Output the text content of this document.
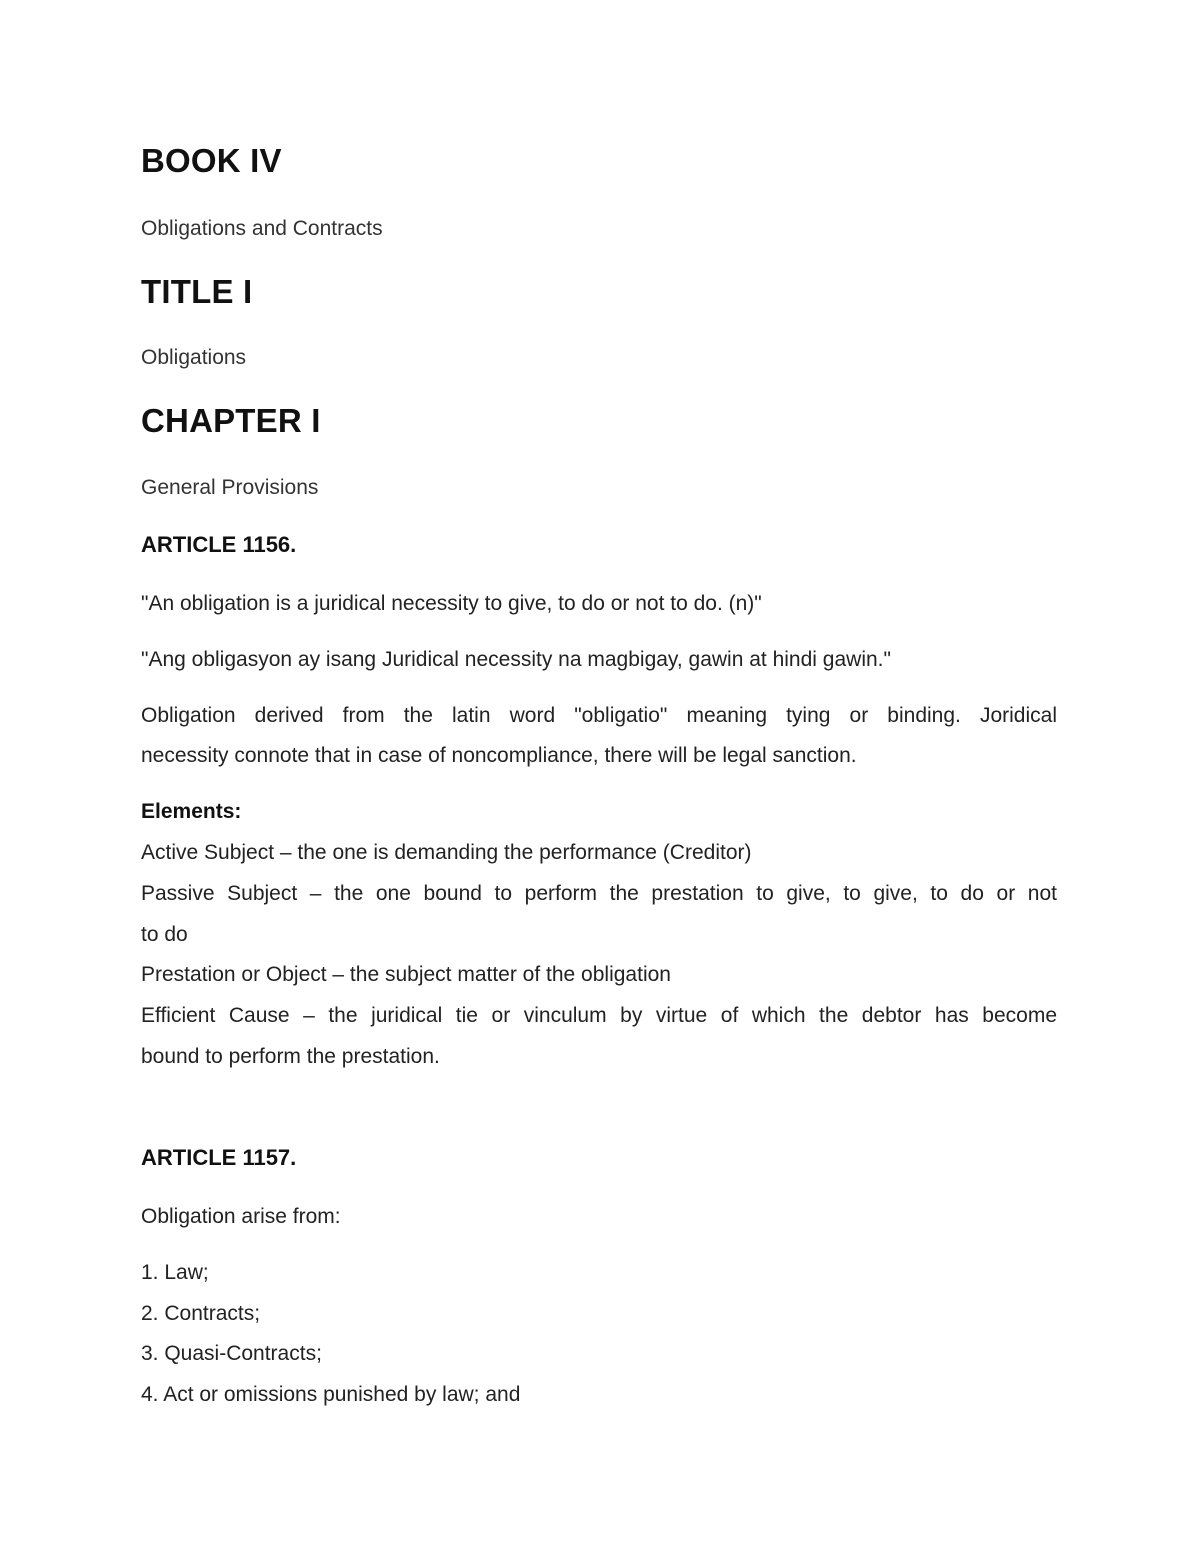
BOOK IV
Obligations and Contracts
TITLE I
Obligations
CHAPTER I
General Provisions
ARTICLE 1156.
"An obligation is a juridical necessity to give, to do or not to do. (n)"
"Ang obligasyon ay isang Juridical necessity na magbigay, gawin at hindi gawin."
Obligation derived from the latin word "obligatio" meaning tying or binding. Joridical
necessity connote that in case of noncompliance, there will be legal sanction.
Elements:
Active Subject – the one is demanding the performance (Creditor)
Passive Subject – the one bound to perform the prestation to give, to give, to do or not
to do
Prestation or Object – the subject matter of the obligation
Efficient Cause – the juridical tie or vinculum by virtue of which the debtor has become
bound to perform the prestation.
ARTICLE 1157.
Obligation arise from:
1. Law;
2. Contracts;
3. Quasi-Contracts;
4. Act or omissions punished by law; and
